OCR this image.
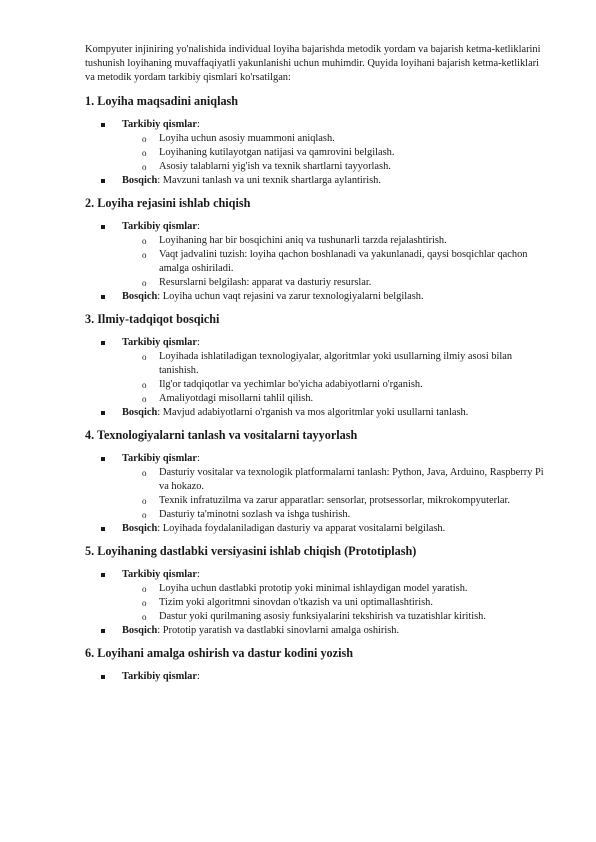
Kompyuter injiniring yo'nalishida individual loyiha bajarishda metodik yordam va bajarish ketma-ketliklarini tushunish loyihaning muvaffaqiyatli yakunlanishi uchun muhimdir. Quyida loyihani bajarish ketma-ketliklari va metodik yordam tarkibiy qismlari ko'rsatilgan:

1. Loyiha maqsadini aniqlash
Tarkibiy qismlar:
o Loyiha uchun asosiy muammoni aniqlash.
o Loyihaning kutilayotgan natijasi va qamrovini belgilash.
o Asosiy talablarni yig'ish va texnik shartlarni tayyorlash.
Bosqich: Mavzuni tanlash va uni texnik shartlarga aylantirish.
2. Loyiha rejasini ishlab chiqish
Tarkibiy qismlar:
o Loyihaning har bir bosqichini aniq va tushunarli tarzda rejalashtirish.
o Vaqt jadvalini tuzish: loyiha qachon boshlanadi va yakunlanadi, qaysi bosqichlar qachon amalga oshiriladi.
o Resurslarni belgilash: apparat va dasturiy resurslar.
Bosqich: Loyiha uchun vaqt rejasini va zarur texnologiyalarni belgilash.
3. Ilmiy-tadqiqot bosqichi
Tarkibiy qismlar:
o Loyihada ishlatiladigan texnologiyalar, algoritmlar yoki usullarning ilmiy asosi bilan tanishish.
o Ilg'or tadqiqotlar va yechimlar bo'yicha adabiyotlarni o'rganish.
o Amaliyotdagi misollarni tahlil qilish.
Bosqich: Mavjud adabiyotlarni o'rganish va mos algoritmlar yoki usullarni tanlash.
4. Texnologiyalarni tanlash va vositalarni tayyorlash
Tarkibiy qismlar:
o Dasturiy vositalar va texnologik platformalarni tanlash: Python, Java, Arduino, Raspberry Pi va hokazo.
o Texnik infratuzilma va zarur apparatlar: sensorlar, protsessorlar, mikrokompyuterlar.
o Dasturiy ta'minotni sozlash va ishga tushirish.
Bosqich: Loyihada foydalaniladigan dasturiy va apparat vositalarni belgilash.
5. Loyihaning dastlabki versiyasini ishlab chiqish (Prototiplash)
Tarkibiy qismlar:
o Loyiha uchun dastlabki prototip yoki minimal ishlaydigan model yaratish.
o Tizim yoki algoritmni sinovdan o'tkazish va uni optimallashtirish.
o Dastur yoki qurilmaning asosiy funksiyalarini tekshirish va tuzatishlar kiritish.
Bosqich: Prototip yaratish va dastlabki sinovlarni amalga oshirish.
6. Loyihani amalga oshirish va dastur kodini yozish
Tarkibiy qismlar:
